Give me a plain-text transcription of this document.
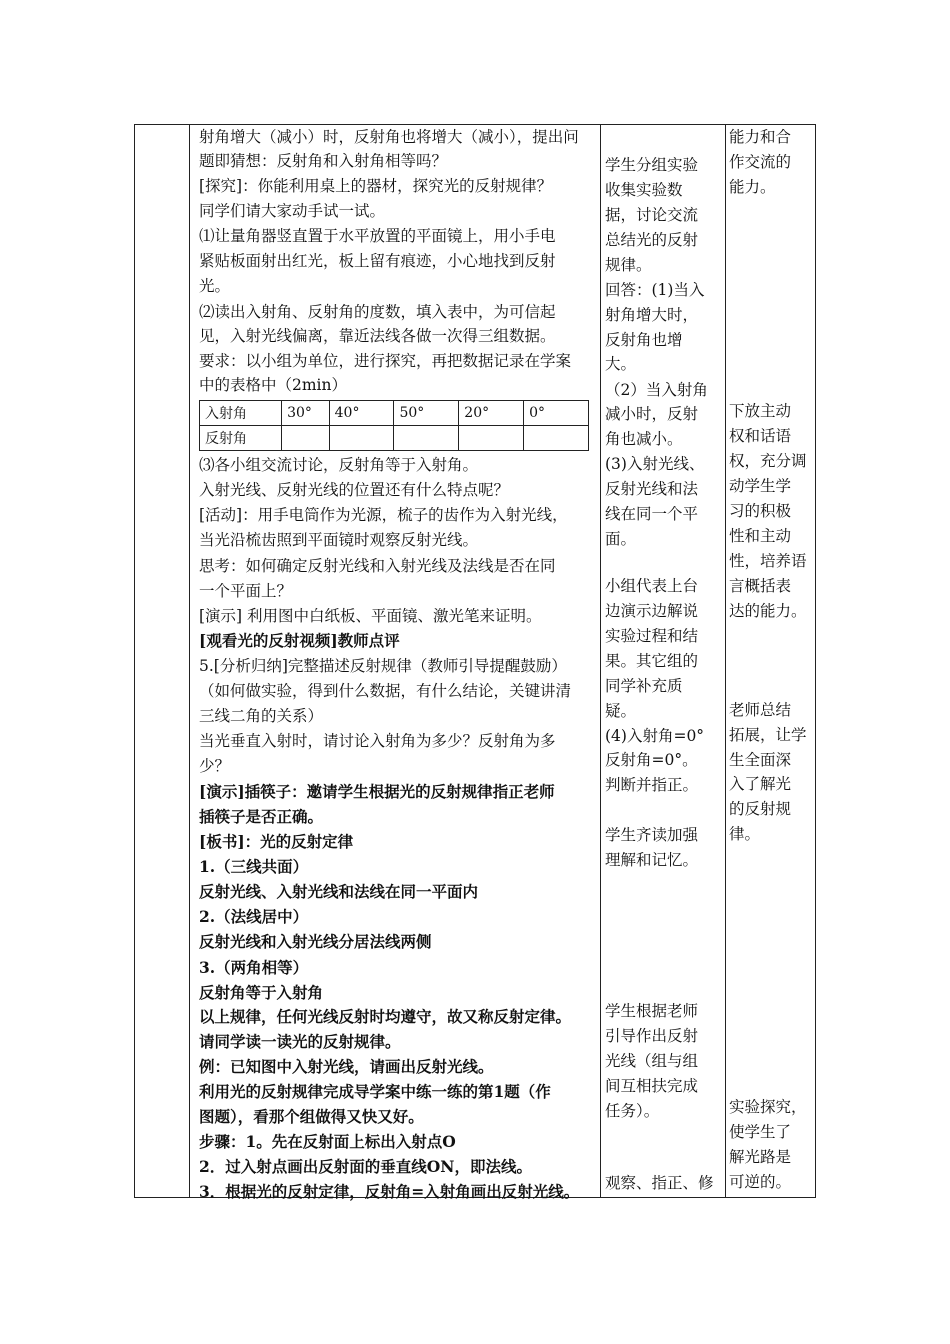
射角增大（减小）时，反射角也将增大（减小），提出问
题即猜想：反射角和入射角相等吗？
[探究]：你能利用桌上的器材，探究光的反射规律？
同学们请大家动手试一试。
⑴让量角器竖直置于水平放置的平面镜上，用小手电
紧贴板面射出红光，板上留有痕迹，小心地找到反射
光。
⑵读出入射角、反射角的度数，填入表中，为可信起
见，入射光线偏离，靠近法线各做一次得三组数据。
要求：以小组为单位，进行探究，再把数据记录在学案
中的表格中（2min）
⑶各小组交流讨论，反射角等于入射角。
入射光线、反射光线的位置还有什么特点呢？
[活动]：用手电筒作为光源，梳子的齿作为入射光线，
当光沿梳齿照到平面镜时观察反射光线。
思考：如何确定反射光线和入射光线及法线是否在同
一个平面上？
[演示] 利用图中白纸板、平面镜、激光笔来证明。
[观看光的反射视频]教师点评
5.[分析归纳]完整描述反射规律（教师引导提醒鼓励）
（如何做实验，得到什么数据，有什么结论，关键讲清
三线二角的关系）
当光垂直入射时，请讨论入射角为多少？反射角为多
少？
[演示]插筷子：邀请学生根据光的反射规律指正老师
插筷子是否正确。
[板书]：光的反射定律
1.（三线共面）
反射光线、入射光线和法线在同一平面内
2.（法线居中）
反射光线和入射光线分居法线两侧
3.（两角相等）
反射角等于入射角
以上规律，任何光线反射时均遵守，故又称反射定律。
请同学读一读光的反射规律。
例：已知图中入射光线，请画出反射光线。
利用光的反射规律完成导学案中练一练的第1题（作
图题），看那个组做得又快又好。
步骤：1。先在反射面上标出入射点O
2．过入射点画出反射面的垂直线ON，即法线。
3．根据光的反射定律，反射角=入射角画出反射光线。
入射角	30°	40°	50°	20°	0°
反射角					
学生分组实验
收集实验数
据，讨论交流
总结光的反射
规律。
回答：(1)当入
射角增大时，
反射角也增
大。
（2）当入射角
减小时，反射
角也减小。
(3)入射光线、
反射光线和法
线在同一个平
面。
小组代表上台
边演示边解说
实验过程和结
果。其它组的
同学补充质
疑。
(4)入射角=0°
反射角=0°。
判断并指正。
学生齐读加强
理解和记忆。
学生根据老师
引导作出反射
光线（组与组
间互相扶完成
任务）。
观察、指正、修
能力和合
作交流的
能力。
下放主动
权和话语
权，充分调
动学生学
习的积极
性和主动
性，培养语
言概括表
达的能力。
老师总结
拓展，让学
生全面深
入了解光
的反射规
律。
实验探究，
使学生了
解光路是
可逆的。
